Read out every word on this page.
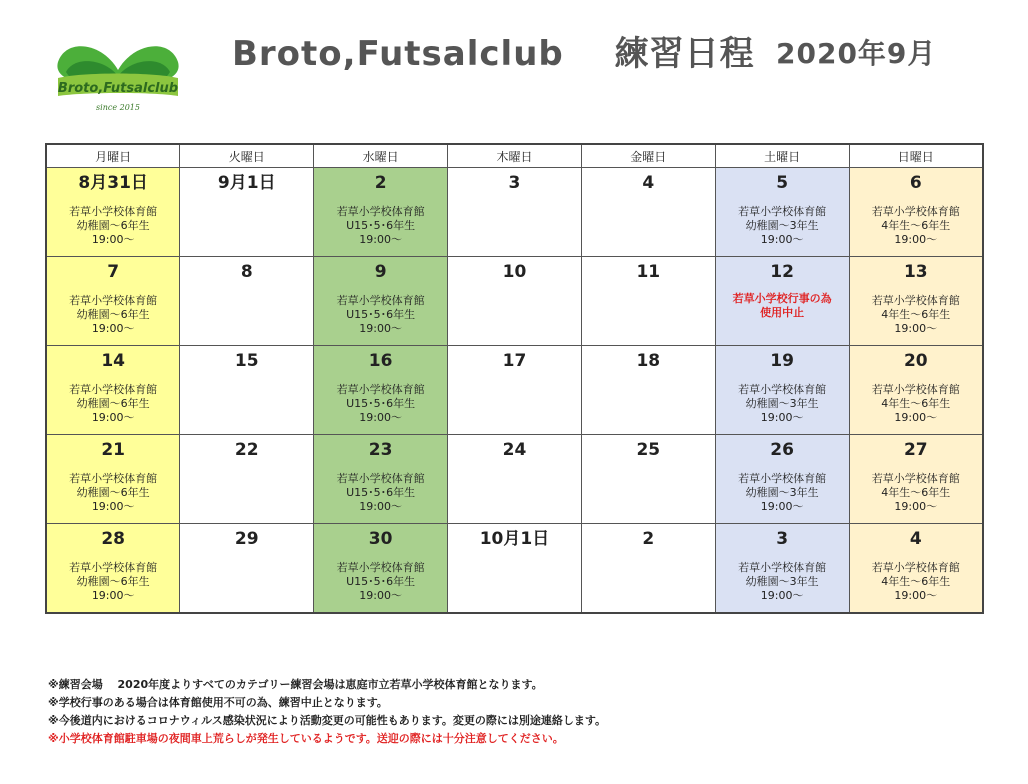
Broto,Futsalclub
since 2015
Broto,Futsalclub 練習日程 2020年9月
月曜日	火曜日	水曜日	木曜日	金曜日	土曜日	日曜日

8月31日
若草小学校体育館
幼稚園～6年生
19:00～	9月1日	2
若草小学校体育館
U15･5･6年生
19:00～	3	4	5
若草小学校体育館
幼稚園～3年生
19:00～	6
若草小学校体育館
4年生～6年生
19:00～

7
若草小学校体育館
幼稚園～6年生
19:00～	8	9
若草小学校体育館
U15･5･6年生
19:00～	10	11	12
若草小学校行事の為
使用中止	13
若草小学校体育館
4年生～6年生
19:00～

14
若草小学校体育館
幼稚園～6年生
19:00～	15	16
若草小学校体育館
U15･5･6年生
19:00～	17	18	19
若草小学校体育館
幼稚園～3年生
19:00～	20
若草小学校体育館
4年生～6年生
19:00～

21
若草小学校体育館
幼稚園～6年生
19:00～	22	23
若草小学校体育館
U15･5･6年生
19:00～	24	25	26
若草小学校体育館
幼稚園～3年生
19:00～	27
若草小学校体育館
4年生～6年生
19:00～

28
若草小学校体育館
幼稚園～6年生
19:00～	29	30
若草小学校体育館
U15･5･6年生
19:00～	10月1日	2	3
若草小学校体育館
幼稚園～3年生
19:00～	4
若草小学校体育館
4年生～6年生
19:00～
※練習会場　 2020年度よりすべてのカテゴリー練習会場は恵庭市立若草小学校体育館となります。
※学校行事のある場合は体育館使用不可の為、練習中止となります。
※今後道内におけるコロナウィルス感染状況により活動変更の可能性もあります。変更の際には別途連絡します。
※小学校体育館駐車場の夜間車上荒らしが発生しているようです。送迎の際には十分注意してください。
